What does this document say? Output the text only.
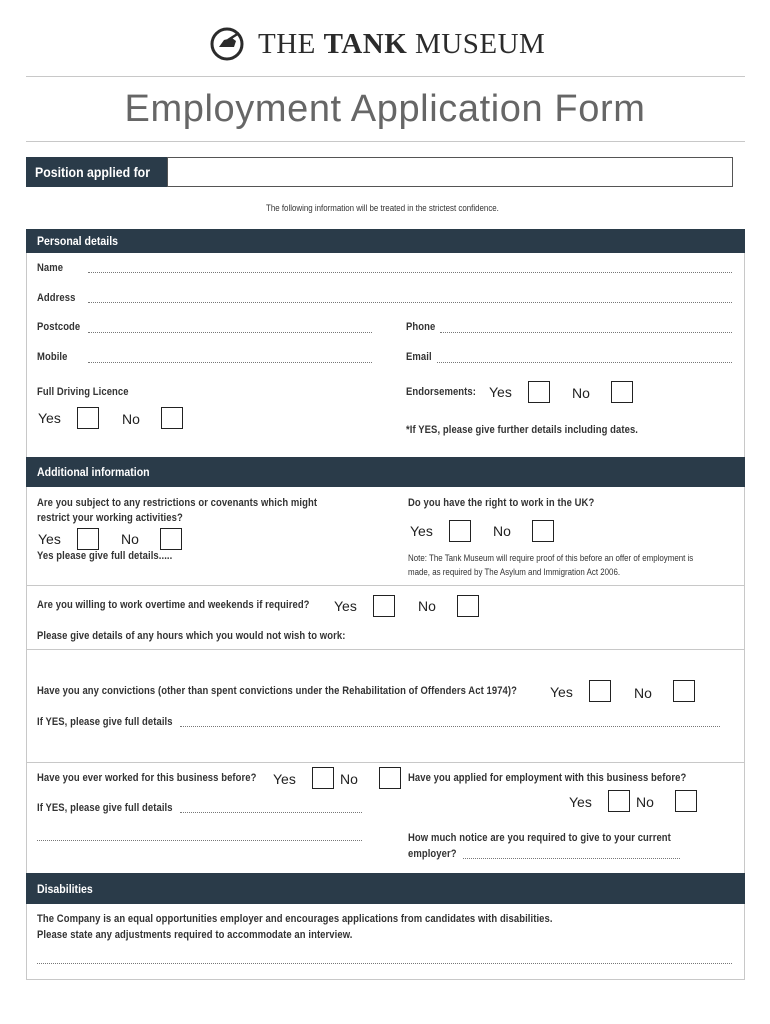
THE TANK MUSEUM
Employment Application Form
Position applied for
The following information will be treated in the strictest confidence.
Personal details
Name
Address
Postcode	Phone
Mobile	Email
Full Driving Licence
Yes	No
Endorsements: Yes	No
*If YES, please give further details including dates.
Additional information
Are you subject to any restrictions or covenants which might
restrict your working activities?
Yes	No
Yes please give full details.....
Do you have the right to work in the UK?
Yes	No
Note: The Tank Museum will require proof of this before an offer of employment is
made, as required by The Asylum and Immigration Act 2006.
Are you willing to work overtime and weekends if required? Yes	No
Please give details of any hours which you would not wish to work:
Have you any convictions (other than spent convictions under the Rehabilitation of Offenders Act 1974)? Yes	No
If YES, please give full details
Have you ever worked for this business before? Yes	No
If YES, please give full details
Have you applied for employment with this business before?
Yes	No
How much notice are you required to give to your current
employer?
Disabilities
The Company is an equal opportunities employer and encourages applications from candidates with disabilities.
Please state any adjustments required to accommodate an interview.
